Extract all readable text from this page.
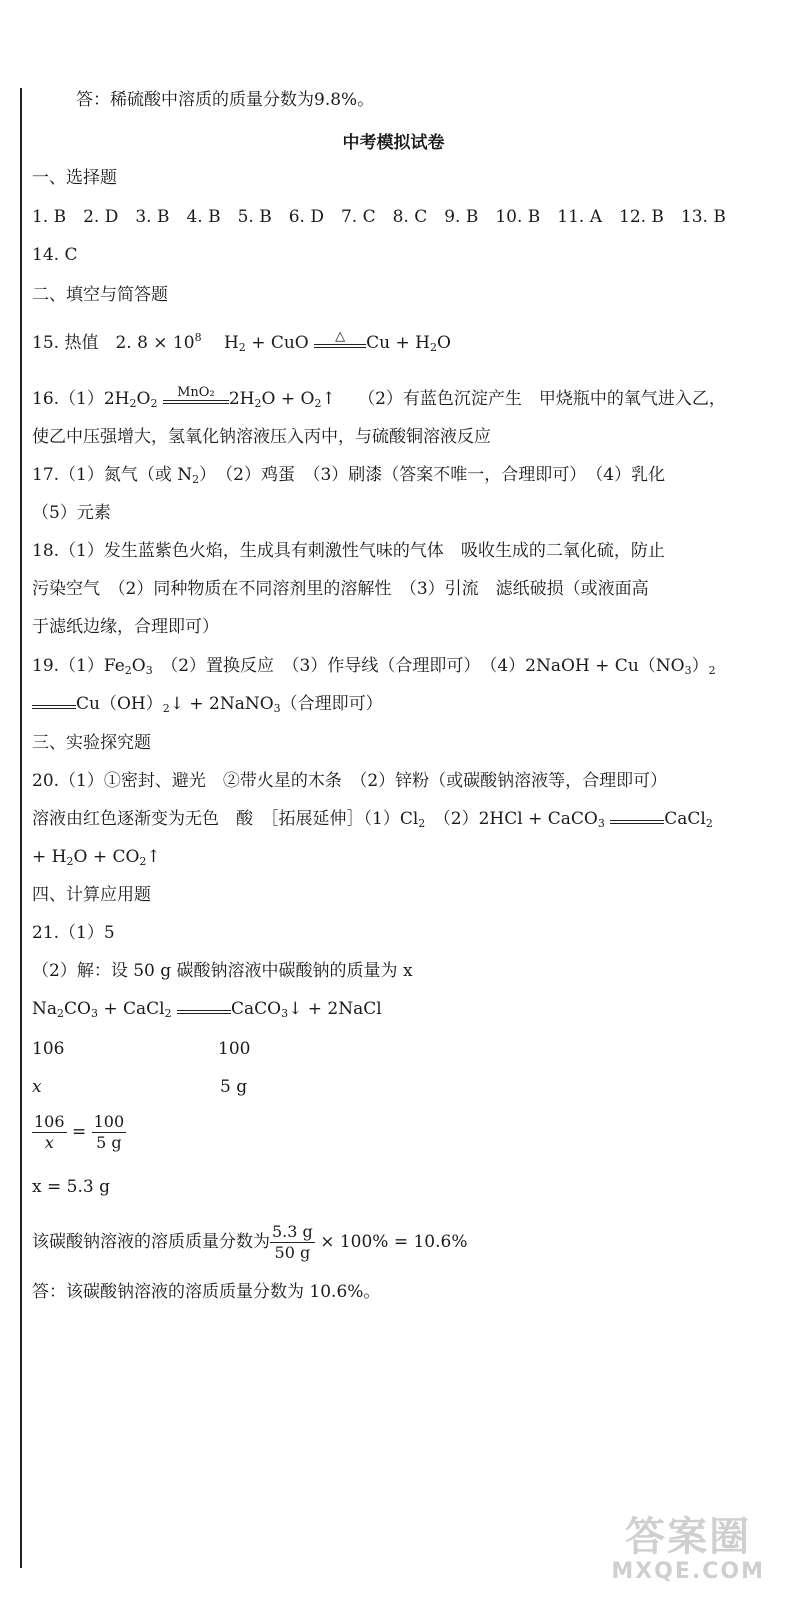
答：稀硫酸中溶质的质量分数为9.8%。
中考模拟试卷
一、选择题
1. B　2. D　3. B　4. B　5. B　6. D　7. C　8. C　9. B　10. B　11. A　12. B　13. B
14. C
二、填空与简答题
15. 热值　2. $8 \times 10^8$ 　$H_2$ + CuO	△	$Cu + H_2O$
$16.(1)2H_2O_2$
MnO₂ $2H_2O$ + $O_2↑$　 （2）有蓝色沉淀产生　甲烧瓶中的氧气进入乙，
使乙中压强增大，氢氧化钠溶液压入丙中，与硫酸铜溶液反应
17.（1）氮气（或 $N_2$）　（2）鸡蛋　（3）刷漆（答案不唯一，合理即可）　（4）乳化
（5）元素
18.（1）发生蓝紫色火焰，生成具有刺激性气味的气体　吸收生成的二氧化硫，防止
污染空气　（2）同种物质在不同溶剂里的溶解性　（3）引流　滤纸破损（或液面高
于滤纸边缘，合理即可）
$19.(1)Fe_2O_3$　 （2）置换反应　（3）作导线（合理即可）　（4）2NaOH + $Cu(NO_3)_2$
$Cu(OH)_2↓$ + 2NaNO$_3$（合理即可）
三、实验探究题
20.（1）①密封、避光　②带火星的木条　（2）锌粉（或碳酸钠溶液等，合理即可）
溶液由红色逐渐变为无色　酸　［拓展延伸$](1)Cl_2$　 （2）2HCl + CaCO$_3$	CaCl$_2$
+ $H_2O$ + $CO_2↑$
四、计算应用题
21.（1）5
（2）解：设 50 g 碳酸钠溶液中碳酸钠的质量为 x
$Na_2CO_3$ + CaCl$_2$	CaCO$_3$↓ + 2NaCl
106	100
x	5 g
$\frac{106}{x} = \frac{100}{5 g}$
x = 5.3 g
该碳酸钠溶液的溶质质量分数为 $\frac{5.3 g}{50 g} \times 100\% = 10.6\%$
答：该碳酸钠溶液的溶质质量分数为 10.6%。
答案圈
MXQE.COM
